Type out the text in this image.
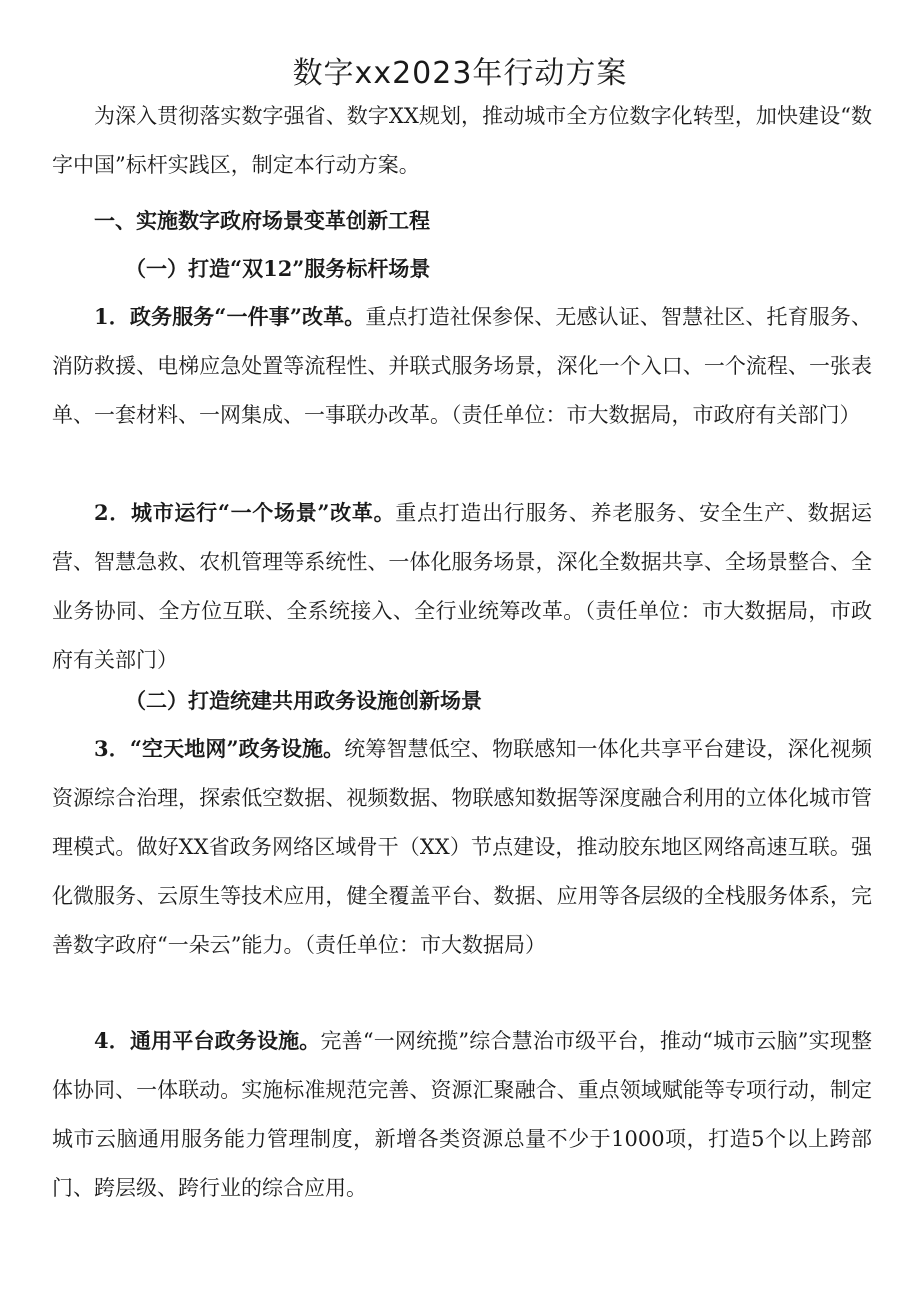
数字xx2023年行动方案

为深入贯彻落实数字强省、数字XX规划，推动城市全方位数字化转型，加快建设“数字中国”标杆实践区，制定本行动方案。

一、实施数字政府场景变革创新工程

（一）打造“双12”服务标杆场景

1．政务服务“一件事”改革。重点打造社保参保、无感认证、智慧社区、托育服务、消防救援、电梯应急处置等流程性、并联式服务场景，深化一个入口、一个流程、一张表单、一套材料、一网集成、一事联办改革。（责任单位：市大数据局，市政府有关部门）

2．城市运行“一个场景”改革。重点打造出行服务、养老服务、安全生产、数据运营、智慧急救、农机管理等系统性、一体化服务场景，深化全数据共享、全场景整合、全业务协同、全方位互联、全系统接入、全行业统筹改革。（责任单位：市大数据局，市政府有关部门）

（二）打造统建共用政务设施创新场景

3．“空天地网”政务设施。统筹智慧低空、物联感知一体化共享平台建设，深化视频资源综合治理，探索低空数据、视频数据、物联感知数据等深度融合利用的立体化城市管理模式。做好XX省政务网络区域骨干（XX）节点建设，推动胶东地区网络高速互联。强化微服务、云原生等技术应用，健全覆盖平台、数据、应用等各层级的全栈服务体系，完善数字政府“一朵云”能力。（责任单位：市大数据局）

4．通用平台政务设施。完善“一网统揽”综合慧治市级平台，推动“城市云脑”实现整体协同、一体联动。实施标准规范完善、资源汇聚融合、重点领域赋能等专项行动，制定城市云脑通用服务能力管理制度，新增各类资源总量不少于1000项，打造5个以上跨部门、跨层级、跨行业的综合应用。
